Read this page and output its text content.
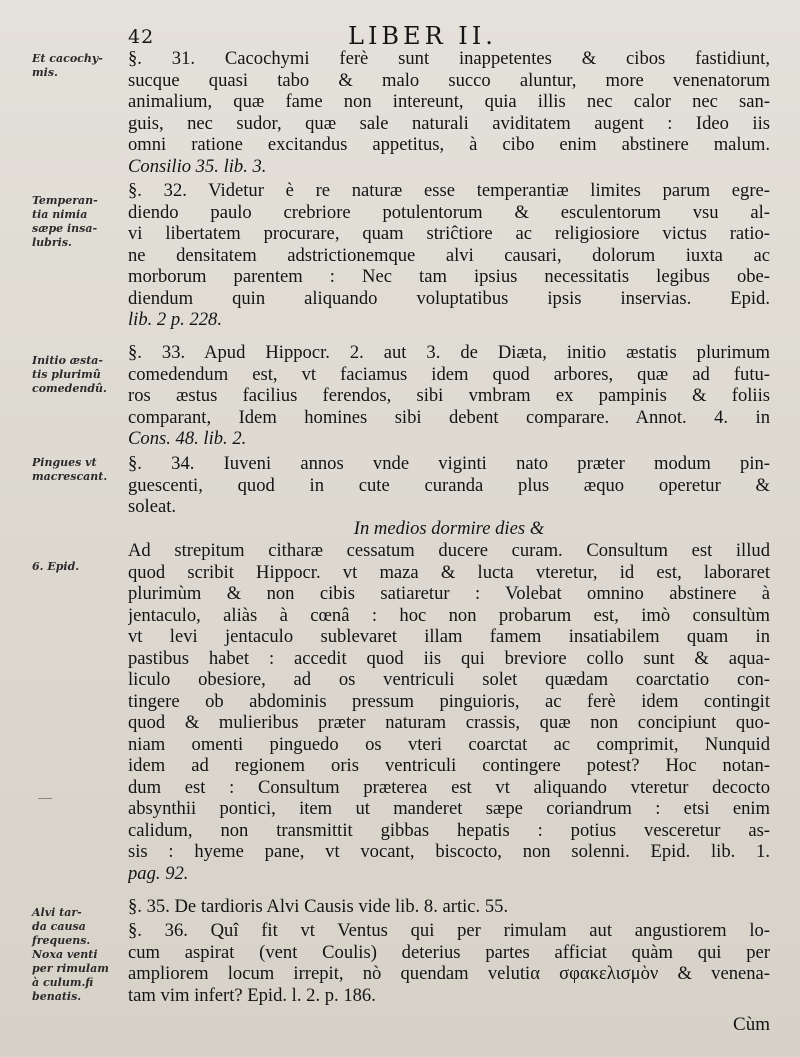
42	LIBER II.
Et cacochy-
mis.
Temperan-
tia nimia
sæpe insa-
lubris.
Initio æsta-
tis plurimû
comedendû.
Pingues vt
macrescant.
6. Epid.
Alvi tar-
da causa
frequens.
Noxa venti
per rimulam
à culum.fi
benatis.
§. 31. Cacochymi ferè sunt inappetentes & cibos fastidiunt,
sucque quasi tabo & malo succo aluntur, more venenatorum
animalium, quæ fame non intereunt, quia illis nec calor nec san-
guis, nec sudor, quæ sale naturali aviditatem augent : Ideo iis
omni ratione excitandus appetitus, à cibo enim abstinere malum.
Consilio 35. lib. 3.
§. 32. Videtur è re naturæ esse temperantiæ limites parum egre-
diendo paulo crebriore potulentorum & esculentorum vsu al-
vi libertatem procurare, quam striĉtiore ac religiosiore victus ratio-
ne densitatem adstrictionemque alvi causari, dolorum iuxta ac
morborum parentem : Nec tam ipsius necessitatis legibus obe-
diendum quin aliquando voluptatibus ipsis inservias. Epid.
lib. 2 p. 228.
§. 33. Apud Hippocr. 2. aut 3. de Diæta, initio æstatis plurimum
comedendum est, vt faciamus idem quod arbores, quæ ad futu-
ros æstus facilius ferendos, sibi vmbram ex pampinis & foliis
comparant, Idem homines sibi debent comparare. Annot. 4. in
Cons. 48. lib. 2.
§. 34. Iuveni annos vnde viginti nato præter modum pin-
guescenti, quod in cute curanda plus æquo operetur &
soleat.
In medios dormire dies &
Ad strepitum citharæ cessatum ducere curam. Consultum est illud
quod scribit Hippocr. vt maza & lucta vteretur, id est, laboraret
plurimùm & non cibis satiaretur : Volebat omnino abstinere à
jentaculo, aliàs à cœnâ : hoc non probarum est, imò consultùm
vt levi jentaculo sublevaret illam famem insatiabilem quam in
pastibus habet : accedit quod iis qui breviore collo sunt & aqua-
liculo obesiore, ad os ventriculi solet quædam coarctatio con-
tingere ob abdominis pressum pinguioris, ac ferè idem contingit
quod & mulieribus præter naturam crassis, quæ non concipiunt quo-
niam omenti pinguedo os vteri coarctat ac comprimit, Nunquid
idem ad regionem oris ventriculi contingere potest? Hoc notan-
dum est : Consultum præterea est vt aliquando vteretur decocto
absynthii pontici, item ut manderet sæpe coriandrum : etsi enim
calidum, non transmittit gibbas hepatis : potius vesceretur as-
sis : hyeme pane, vt vocant, biscocto, non solenni. Epid. lib. 1.
pag. 92.
§. 35. De tardioris Alvi Causis vide lib. 8. artic. 55.
§. 36. Quî fit vt Ventus qui per rimulam aut angustiorem lo-
cum aspirat (vent Coulis) deterius partes afficiat quàm qui per
ampliorem locum irrepit, nò quendam velutiα σφακελισμὸν & venena-
tam vim infert? Epid. l. 2. p. 186.
Cùm
